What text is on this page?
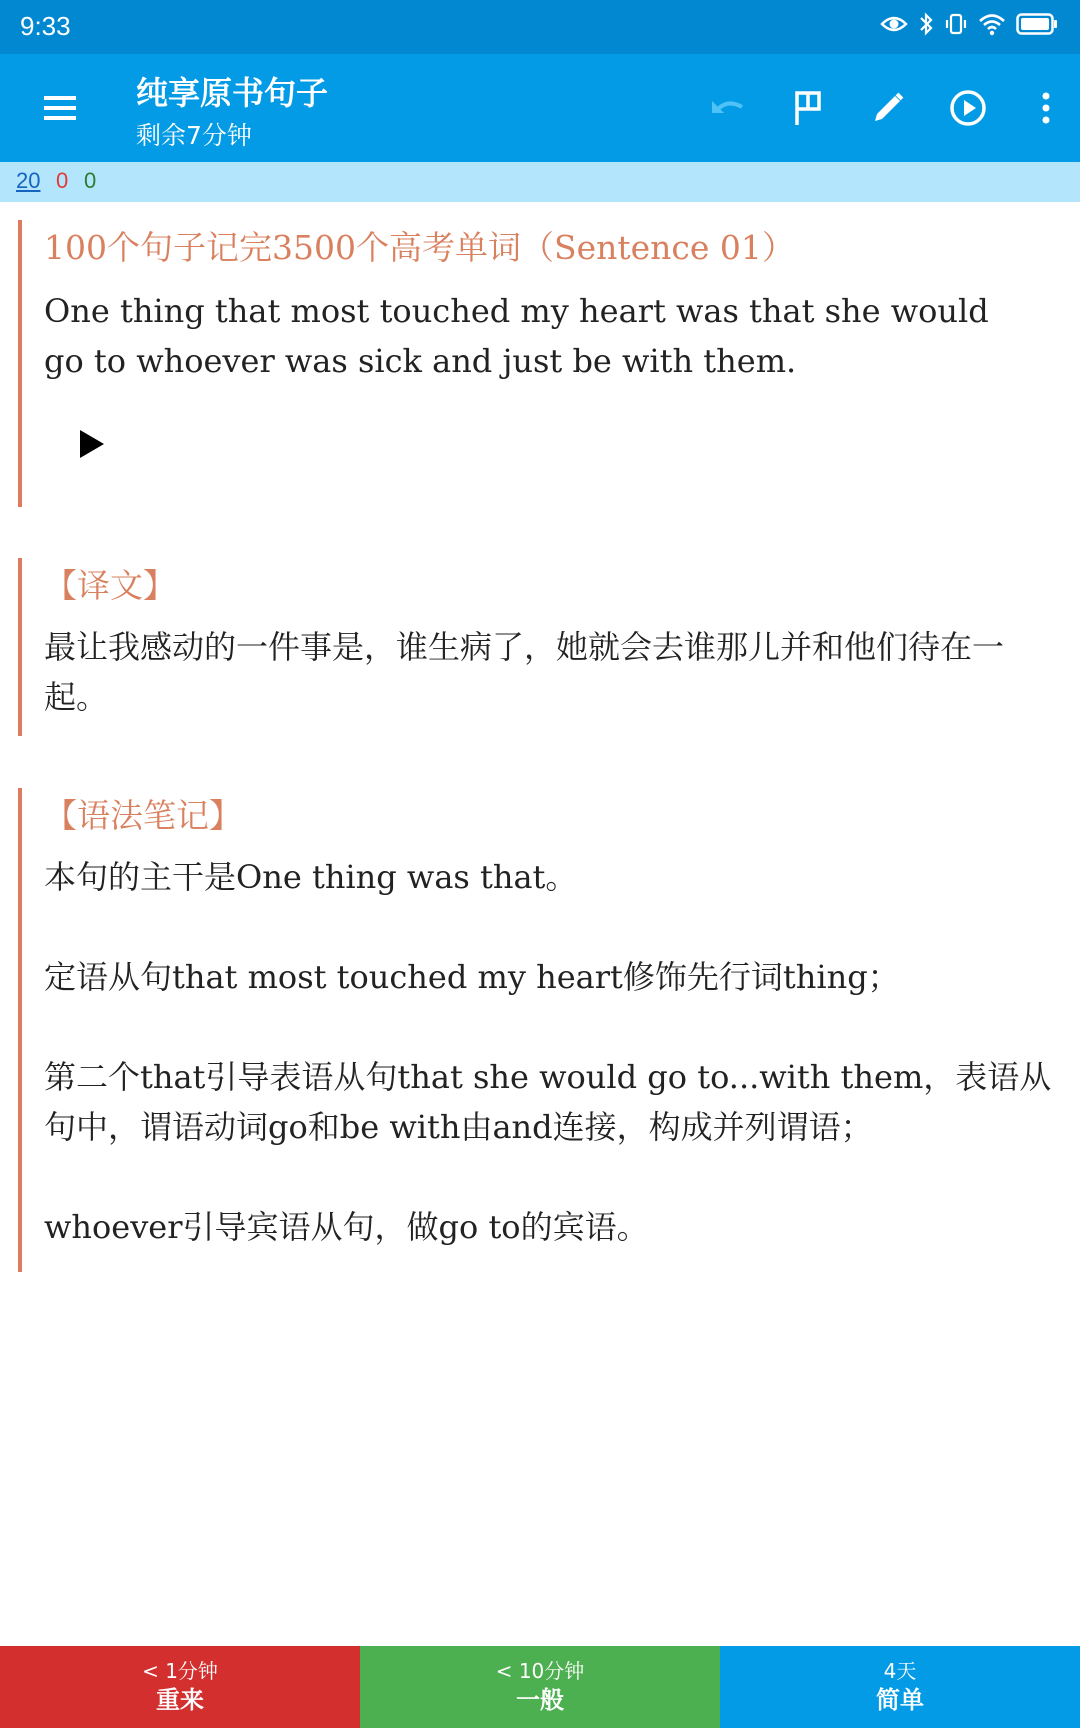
9:33
纯享原书句子
剩余7分钟
20 0 0
100个句子记完3500个高考单词（Sentence 01）
One thing that most touched my heart was that she would go to whoever was sick and just be with them.
【译文】
最让我感动的一件事是，谁生病了，她就会去谁那儿并和他们待在一起。
【语法笔记】
本句的主干是One thing was that。
定语从句that most touched my heart修饰先行词thing；
第二个that引导表语从句that she would go to...with them，表语从句中，谓语动词go和be with由and连接，构成并列谓语；
whoever引导宾语从句，做go to的宾语。
< 1分钟
重来
< 10分钟
一般
4天
简单
